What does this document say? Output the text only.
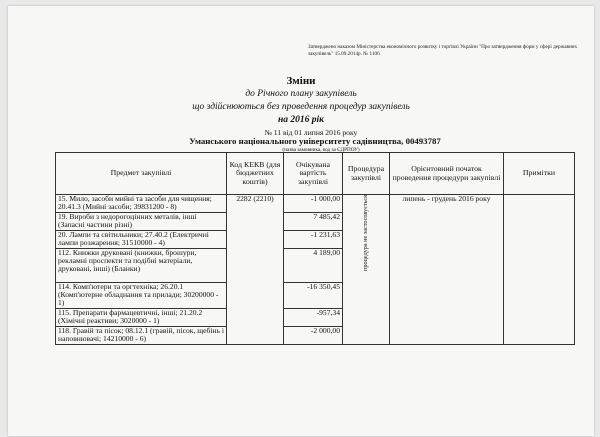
Затверджено наказом Міністерства економічного розвитку і торгівлі України "Про затвердження форм у сфері державних закупівель" 15.09.2014р. № 1106
Зміни
до Річного плану закупівель
що здійснюються без проведення процедур закупівель
на 2016 рік
№ 11 від 01 липня 2016 року
Уманського національного університету садівництва, 00493787
(назва замовника, код за ЄДРПОУ)
Предмет закупівлі	Код КЕКВ (для бюджетних коштів)	Очікувана вартість закупівлі	Процедура закупівлі	Орієнтовний початок проведення процедури закупівлі	Примітки
15. Мило, засоби мийні та засоби для чищення; 20.41.3 (Мийні засоби; 39831200 - 8)	2282 (2210)	-1 000,00	процедура не застосовується	липень - грудень 2016 року	
19. Вироби з недорогоцінних металів, інші (Запасні частини різні)		7 485,42			
20. Лампи та світильники; 27.40.2 (Електричні лампи розжарення; 31510000 - 4)		-1 231,63			
112. Книжки друковані (книжки, брошури, рекламні проспекти та подібні матеріали, друковані, інші) (Бланки)		4 189,00			
114. Комп'ютери та оргтехніка; 26.20.1 (Комп'ютерне обладнання та прилади; 30200000 - 1)		-16 350,45			
115. Препарати фармацевтичні, інші; 21.20.2 (Хімічні реактиви; 3020000 - 1)		-957,34			
118. Гравій та пісок; 08.12.1 (гравій, пісок, щебінь і наповнювачі; 14210000 - 6)		-2 000,00			
